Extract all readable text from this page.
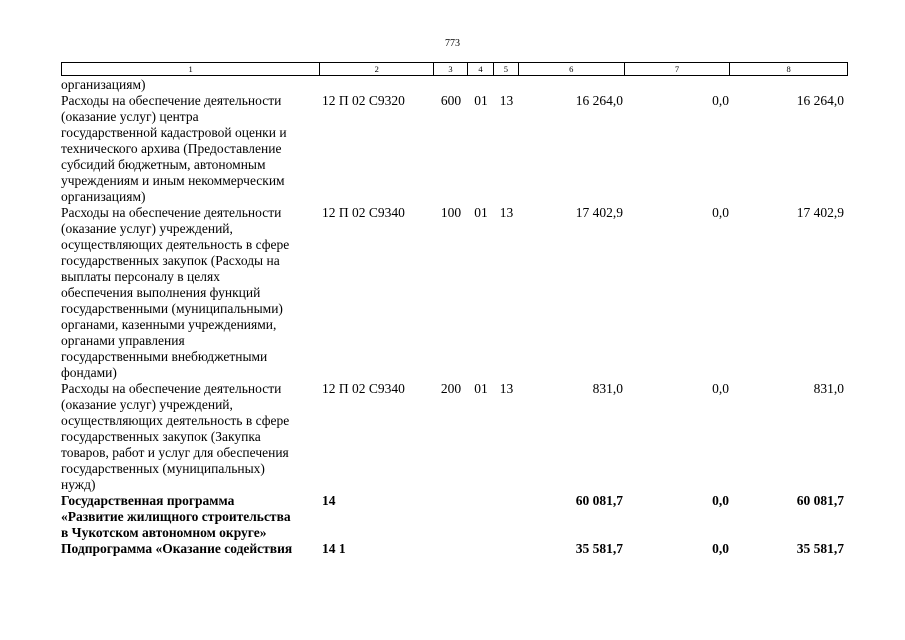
773
1	2	3	4	5	6	7	8
организациям)
Расходы на обеспечение деятельности
(оказание услуг) центра
государственной кадастровой оценки и
технического архива (Предоставление
субсидий бюджетным, автономным
учреждениям и иным некоммерческим
организациям)
12 П 02 С9320	600 01 13	16 264,0	0,0	16 264,0
Расходы на обеспечение деятельности
(оказание услуг) учреждений,
осуществляющих деятельность в сфере
государственных закупок (Расходы на
выплаты персоналу в целях
обеспечения выполнения функций
государственными (муниципальными)
органами, казенными учреждениями,
органами управления
государственными внебюджетными
фондами)
12 П 02 С9340	100 01 13	17 402,9	0,0	17 402,9
Расходы на обеспечение деятельности
(оказание услуг) учреждений,
осуществляющих деятельность в сфере
государственных закупок (Закупка
товаров, работ и услуг для обеспечения
государственных (муниципальных)
нужд)
12 П 02 С9340	200 01 13	831,0	0,0	831,0
Государственная программа
«Развитие жилищного строительства
в Чукотском автономном округе»
14	60 081,7	0,0	60 081,7
Подпрограмма «Оказание содействия	14 1	35 581,7	0,0	35 581,7
